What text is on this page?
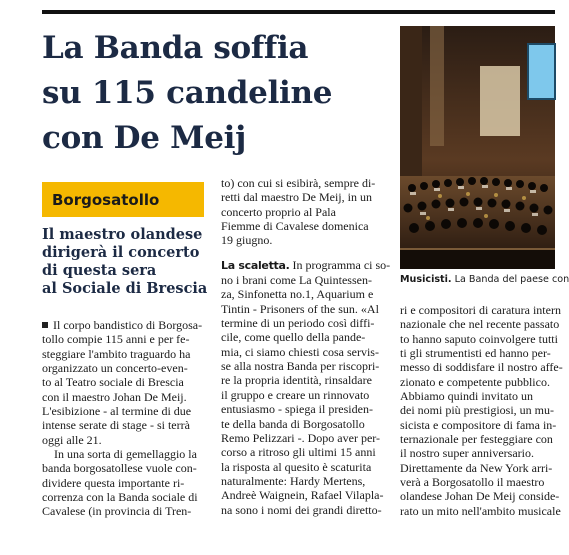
La Banda soffia
su 115 candeline
con De Meij
Borgosatollo
Il maestro olandese
dirigerà il concerto
di questa sera
al Sociale di Brescia
Il corpo bandistico di Borgosa-
tollo compie 115 anni e per fe-
steggiare l'ambito traguardo ha
organizzato un concerto-even-
to al Teatro sociale di Brescia
con il maestro Johan De Meij.
L'esibizione - al termine di due
intense serate di stage - si terrà
oggi alle 21.
In una sorta di gemellaggio la
banda borgosatollese vuole con-
dividere questa importante ri-
correnza con la Banda sociale di
Cavalese (in provincia di Tren-
to) con cui si esibirà, sempre di-
retti dal maestro De Meij, in un
concerto proprio al Pala
Fiemme di Cavalese domenica
19 giugno.
La scaletta. In programma ci so-
no i brani come La Quintessen-
za, Sinfonetta no.1, Aquarium e
Tintin - Prisoners of the sun. «Al
termine di un periodo così diffi-
cile, come quello della pande-
mia, ci siamo chiesti cosa servis-
se alla nostra Banda per riscopri-
re la propria identità, rinsaldare
il gruppo e creare un rinnovato
entusiasmo - spiega il presiden-
te della banda di Borgosatollo
Remo Pelizzari -. Dopo aver per-
corso a ritroso gli ultimi 15 anni
la risposta al quesito è scaturita
naturalmente: Hardy Mertens,
Andreè Waignein, Rafael Vilapla-
na sono i nomi dei grandi diretto-
Musicisti. La Banda del paese con
ri e compositori di caratura intern
nazionale che nel recente passato
to hanno saputo coinvolgere tutti
ti gli strumentisti ed hanno per-
messo di soddisfare il nostro affe-
zionato e competente pubblico.
Abbiamo quindi invitato un
dei nomi più prestigiosi, un mu-
sicista e compositore di fama in-
ternazionale per festeggiare con
il nostro super anniversario.
Direttamente da New York arri-
verà a Borgosatollo il maestro
olandese Johan De Meij conside-
rato un mito nell'ambito musicale
